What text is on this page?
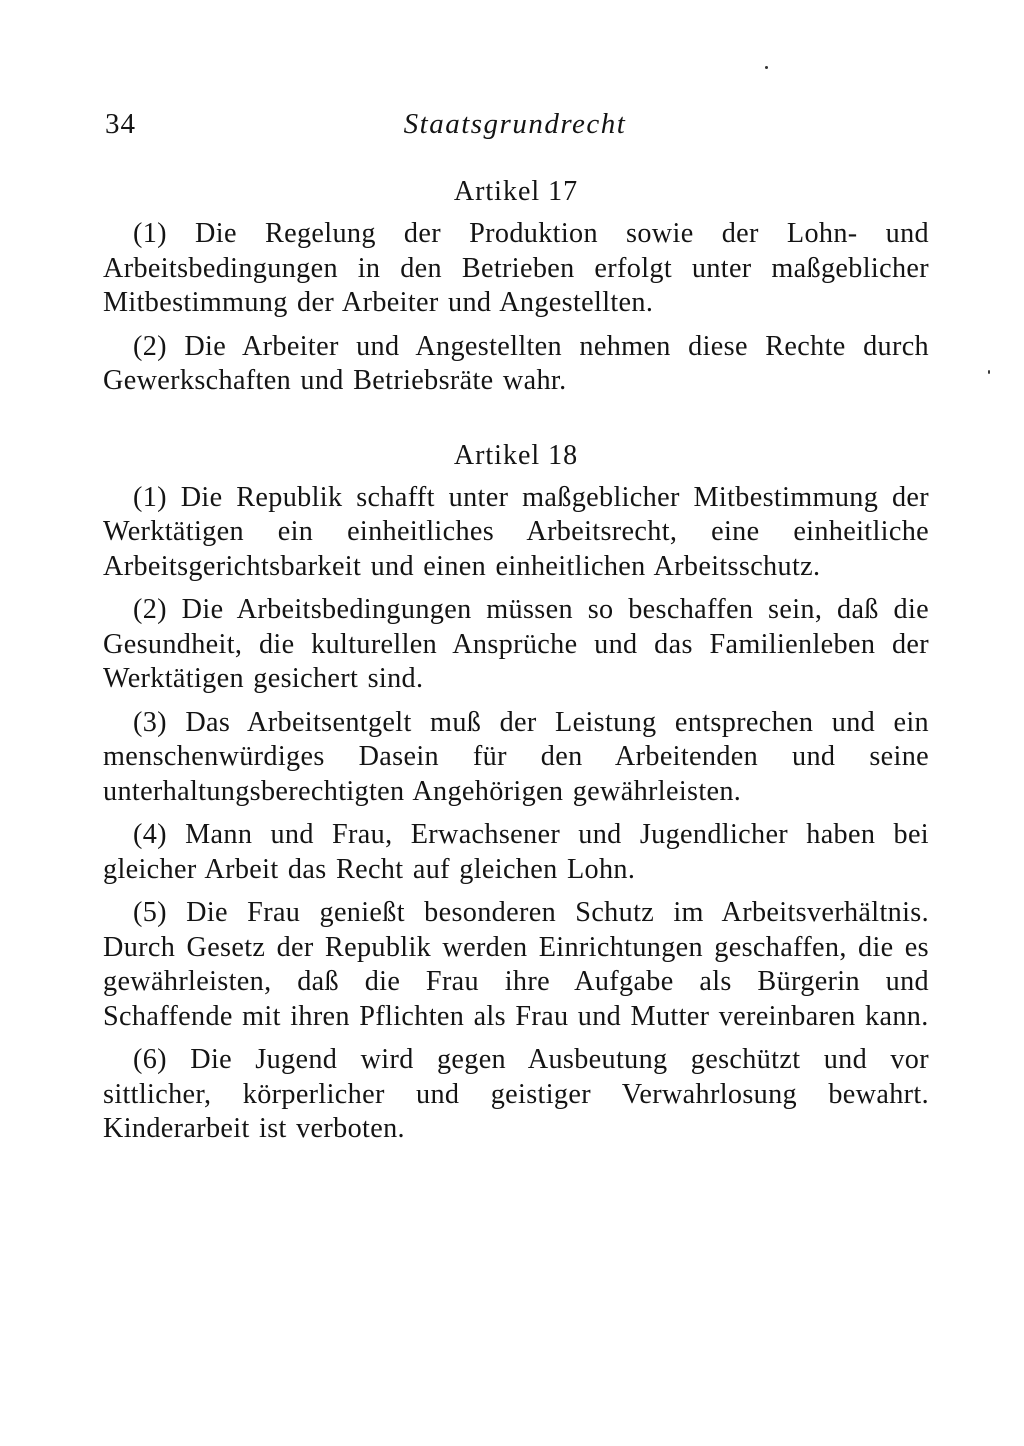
34	Staatsgrundrecht
Artikel 17

(1) Die Regelung der Produktion sowie der Lohn- und Arbeitsbedingungen in den Betrieben erfolgt unter maßgeblicher Mitbestimmung der Arbeiter und Angestellten.

(2) Die Arbeiter und Angestellten nehmen diese Rechte durch Gewerkschaften und Betriebsräte wahr.

Artikel 18

(1) Die Republik schafft unter maßgeblicher Mitbestimmung der Werktätigen ein einheitliches Arbeitsrecht, eine einheitliche Arbeitsgerichtsbarkeit und einen einheitlichen Arbeitsschutz.

(2) Die Arbeitsbedingungen müssen so beschaffen sein, daß die Gesundheit, die kulturellen Ansprüche und das Familienleben der Werktätigen gesichert sind.

(3) Das Arbeitsentgelt muß der Leistung entsprechen und ein menschenwürdiges Dasein für den Arbeitenden und seine unterhaltungsberechtigten Angehörigen gewährleisten.

(4) Mann und Frau, Erwachsener und Jugendlicher haben bei gleicher Arbeit das Recht auf gleichen Lohn.

(5) Die Frau genießt besonderen Schutz im Arbeitsverhältnis. Durch Gesetz der Republik werden Einrichtungen geschaffen, die es gewährleisten, daß die Frau ihre Aufgabe als Bürgerin und Schaffende mit ihren Pflichten als Frau und Mutter vereinbaren kann.

(6) Die Jugend wird gegen Ausbeutung geschützt und vor sittlicher, körperlicher und geistiger Verwahrlosung bewahrt. Kinderarbeit ist verboten.
